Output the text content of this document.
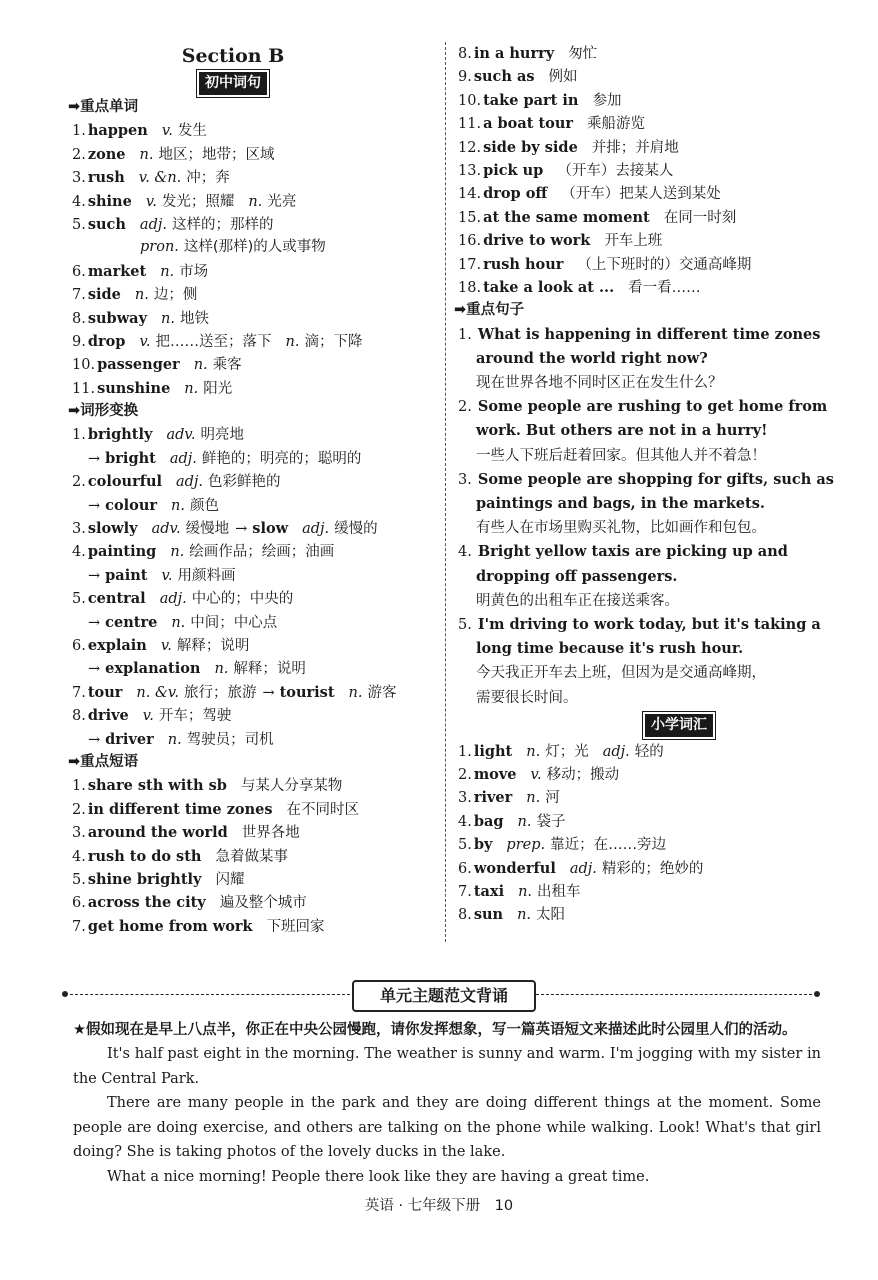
Section B
初中词句
➡重点单词
1. happen v. 发生
2. zone n. 地区；地带；区域
3. rush v. &n. 冲；奔
4. shine v. 发光；照耀 n. 光亮
5. such adj. 这样的；那样的
pron. 这样(那样)的人或事物
6. market n. 市场
7. side n. 边；侧
8. subway n. 地铁
9. drop v. 把……送至；落下 n. 滴；下降
10. passenger n. 乘客
11. sunshine n. 阳光
➡词形变换
1. brightly adv. 明亮地
→ bright adj. 鲜艳的；明亮的；聪明的
2. colourful adj. 色彩鲜艳的
→ colour n. 颜色
3. slowly adv. 缓慢地 → slow adj. 缓慢的
4. painting n. 绘画作品；绘画；油画
→ paint v. 用颜料画
5. central adj. 中心的；中央的
→ centre n. 中间；中心点
6. explain v. 解释；说明
→ explanation n. 解释；说明
7. tour n. &v. 旅行；旅游 → tourist n. 游客
8. drive v. 开车；驾驶
→ driver n. 驾驶员；司机
➡重点短语
1. share sth with sb 与某人分享某物
2. in different time zones 在不同时区
3. around the world 世界各地
4. rush to do sth 急着做某事
5. shine brightly 闪耀
6. across the city 遍及整个城市
7. get home from work 下班回家
8. in a hurry 匆忙
9. such as 例如
10. take part in 参加
11. a boat tour 乘船游览
12. side by side 并排；并肩地
13. pick up （开车）去接某人
14. drop off （开车）把某人送到某处
15. at the same moment 在同一时刻
16. drive to work 开车上班
17. rush hour （上下班时的）交通高峰期
18. take a look at ... 看一看……
➡重点句子
1. What is happening in different time zones
around the world right now?
现在世界各地不同时区正在发生什么？
2. Some people are rushing to get home from
work. But others are not in a hurry!
一些人下班后赶着回家。但其他人并不着急！
3. Some people are shopping for gifts, such as
paintings and bags, in the markets.
有些人在市场里购买礼物，比如画作和包包。
4. Bright yellow taxis are picking up and
dropping off passengers.
明黄色的出租车正在接送乘客。
5. I'm driving to work today, but it's taking a
long time because it's rush hour.
今天我正开车去上班，但因为是交通高峰期，
需要很长时间。
小学词汇
1. light n. 灯；光 adj. 轻的
2. move v. 移动；搬动
3. river n. 河
4. bag n. 袋子
5. by prep. 靠近；在……旁边
6. wonderful adj. 精彩的；绝妙的
7. taxi n. 出租车
8. sun n. 太阳
单元主题范文背诵
★假如现在是早上八点半，你正在中央公园慢跑，请你发挥想象，写一篇英语短文来描述此时公园里人们的活动。

It's half past eight in the morning. The weather is sunny and warm. I'm jogging with my sister in the Central Park.

There are many people in the park and they are doing different things at the moment. Some people are doing exercise, and others are talking on the phone while walking. Look! What's that girl doing? She is taking photos of the lovely ducks in the lake.

What a nice morning! People there look like they are having a great time.

英语 · 七年级下册　10
